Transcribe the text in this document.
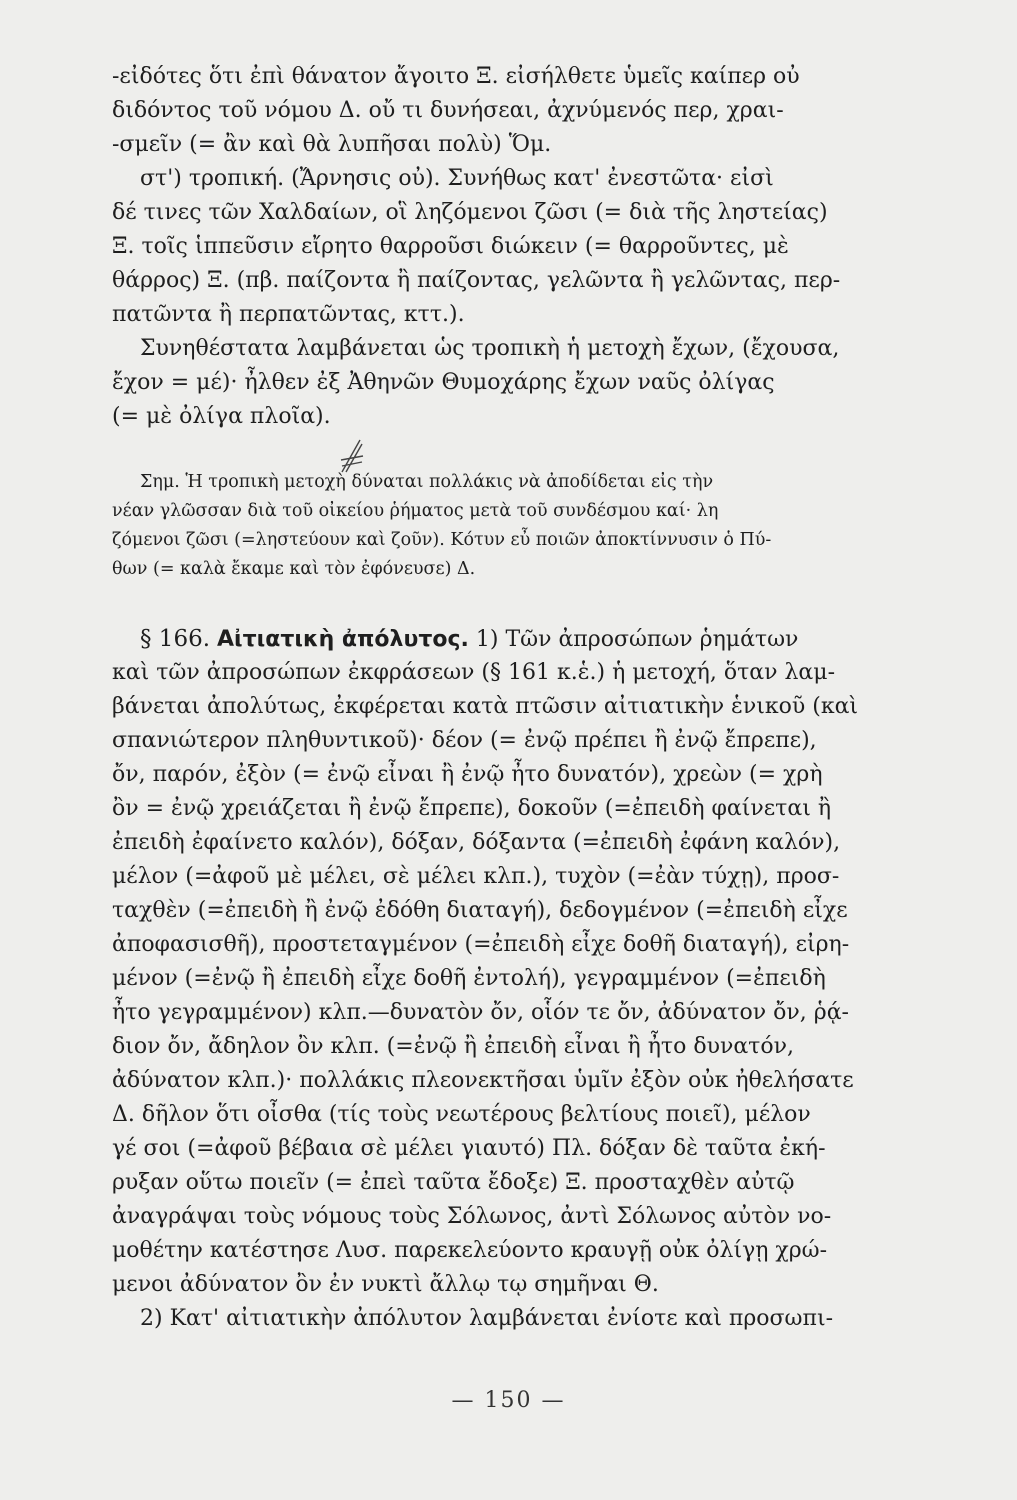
-εἰδότες ὅτι ἐπὶ θάνατον ἄγοιτο Ξ. εἰσήλθετε ὑμεῖς καίπερ οὐ
διδόντος τοῦ νόμου Δ. οὔ τι δυνήσεαι, ἀχνύμενός περ, χραι-
-σμεῖν (= ἂν καὶ θὰ λυπῆσαι πολὺ) Ὅμ.
στ') τροπική. (Ἄρνησις οὐ). Συνήθως κατ' ἐνεστῶτα· εἰσὶ
δέ τινες τῶν Χαλδαίων, οἳ ληζόμενοι ζῶσι (= διὰ τῆς ληστείας)
Ξ. τοῖς ἱππεῦσιν εἴρητο θαρροῦσι διώκειν (= θαρροῦντες, μὲ
θάρρος) Ξ. (πβ. παίζοντα ἢ παίζοντας, γελῶντα ἢ γελῶντας, περ-
πατῶντα ἢ περπατῶντας, κττ.).
Συνηθέστατα λαμβάνεται ὡς τροπικὴ ἡ μετοχὴ ἔχων, (ἔχουσα,
ἔχον = μέ)· ἦλθεν ἐξ Ἀθηνῶν Θυμοχάρης ἔχων ναῦς ὀλίγας
(= μὲ ὀλίγα πλοῖα).
Σημ. Ἡ τροπικὴ μετοχὴ δύναται πολλάκις νὰ ἀποδίδεται εἰς τὴν
νέαν γλῶσσαν διὰ τοῦ οἰκείου ῥήματος μετὰ τοῦ συνδέσμου καί· λη
ζόμενοι ζῶσι (=ληστεύουν καὶ ζοῦν). Κότυν εὖ ποιῶν ἀποκτίννυσιν ὁ Πύ-
θων (= καλὰ ἔκαμε καὶ τὸν ἐφόνευσε) Δ.
§ 166. Αἰτιατικὴ ἀπόλυτος. 1) Τῶν ἀπροσώπων ῥημάτων
καὶ τῶν ἀπροσώπων ἐκφράσεων (§ 161 κ.ἑ.) ἡ μετοχή, ὅταν λαμ-
βάνεται ἀπολύτως, ἐκφέρεται κατὰ πτῶσιν αἰτιατικὴν ἑνικοῦ (καὶ
σπανιώτερον πληθυντικοῦ)· δέον (= ἐνῷ πρέπει ἢ ἐνῷ ἔπρεπε),
ὄν, παρόν, ἐξὸν (= ἐνῷ εἶναι ἢ ἐνῷ ἦτο δυνατόν), χρεὼν (= χρὴ
ὂν = ἐνῷ χρειάζεται ἢ ἐνῷ ἔπρεπε), δοκοῦν (=ἐπειδὴ φαίνεται ἢ
ἐπειδὴ ἐφαίνετο καλόν), δόξαν, δόξαντα (=ἐπειδὴ ἐφάνη καλόν),
μέλον (=ἀφοῦ μὲ μέλει, σὲ μέλει κλπ.), τυχὸν (=ἐὰν τύχῃ), προσ-
ταχθὲν (=ἐπειδὴ ἢ ἐνῷ ἐδόθη διαταγή), δεδογμένον (=ἐπειδὴ εἶχε
ἀποφασισθῆ), προστεταγμένον (=ἐπειδὴ εἶχε δοθῆ διαταγή), εἰρη-
μένον (=ἐνῷ ἢ ἐπειδὴ εἶχε δοθῆ ἐντολή), γεγραμμένον (=ἐπειδὴ
ἦτο γεγραμμένον) κλπ.—δυνατὸν ὄν, οἷόν τε ὄν, ἀδύνατον ὄν, ῥᾴ-
διον ὄν, ἄδηλον ὂν κλπ. (=ἐνῷ ἢ ἐπειδὴ εἶναι ἢ ἦτο δυνατόν,
ἀδύνατον κλπ.)· πολλάκις πλεονεκτῆσαι ὑμῖν ἐξὸν οὐκ ἠθελήσατε
Δ. δῆλον ὅτι οἶσθα (τίς τοὺς νεωτέρους βελτίους ποιεῖ), μέλον
γέ σοι (=ἀφοῦ βέβαια σὲ μέλει γιαυτό) Πλ. δόξαν δὲ ταῦτα ἐκή-
ρυξαν οὕτω ποιεῖν (= ἐπεὶ ταῦτα ἔδοξε) Ξ. προσταχθὲν αὐτῷ
ἀναγράψαι τοὺς νόμους τοὺς Σόλωνος, ἀντὶ Σόλωνος αὐτὸν νο-
μοθέτην κατέστησε Λυσ. παρεκελεύοντο κραυγῇ οὐκ ὀλίγῃ χρώ-
μενοι ἀδύνατον ὂν ἐν νυκτὶ ἄλλῳ τῳ σημῆναι Θ.
2) Κατ' αἰτιατικὴν ἀπόλυτον λαμβάνεται ἐνίοτε καὶ προσωπι-
— 150 —
